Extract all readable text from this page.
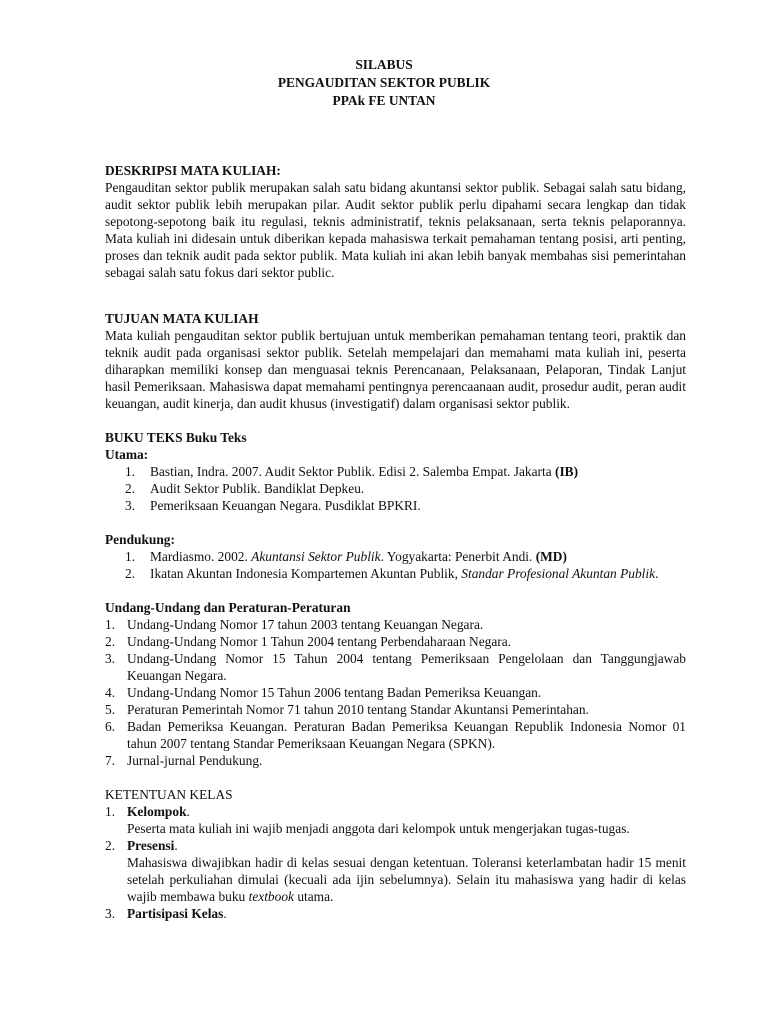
SILABUS
PENGAUDITAN SEKTOR PUBLIK
PPAk FE UNTAN
DESKRIPSI MATA KULIAH:

Pengauditan sektor publik merupakan salah satu bidang akuntansi sektor publik. Sebagai salah satu bidang, audit sektor publik lebih merupakan pilar. Audit sektor publik perlu dipahami secara lengkap dan tidak sepotong-sepotong baik itu regulasi, teknis administratif, teknis pelaksanaan, serta teknis pelaporannya. Mata kuliah ini didesain untuk diberikan kepada mahasiswa terkait pemahaman tentang posisi, arti penting, proses dan teknik audit pada sektor publik. Mata kuliah ini akan lebih banyak membahas sisi pemerintahan sebagai salah satu fokus dari sektor public.

TUJUAN MATA KULIAH

Mata kuliah pengauditan sektor publik bertujuan untuk memberikan pemahaman tentang teori, praktik dan teknik audit pada organisasi sektor publik. Setelah mempelajari dan memahami mata kuliah ini, peserta diharapkan memiliki konsep dan menguasai teknis Perencanaan, Pelaksanaan, Pelaporan, Tindak Lanjut hasil Pemeriksaan. Mahasiswa dapat memahami pentingnya perencaanaan audit, prosedur audit, peran audit keuangan, audit kinerja, dan audit khusus (investigatif) dalam organisasi sektor publik.

BUKU TEKS Buku Teks
Utama:
1. Bastian, Indra. 2007. Audit Sektor Publik. Edisi 2. Salemba Empat. Jakarta (IB)
2. Audit Sektor Publik. Bandiklat Depkeu.
3. Pemeriksaan Keuangan Negara. Pusdiklat BPKRI.
Pendukung:
1. Mardiasmo. 2002. Akuntansi Sektor Publik. Yogyakarta: Penerbit Andi. (MD)
2. Ikatan Akuntan Indonesia Kompartemen Akuntan Publik, Standar Profesional Akuntan Publik.
Undang-Undang dan Peraturan-Peraturan
1. Undang-Undang Nomor 17 tahun 2003 tentang Keuangan Negara.
2. Undang-Undang Nomor 1 Tahun 2004 tentang Perbendaharaan Negara.
3. Undang-Undang Nomor 15 Tahun 2004 tentang Pemeriksaan Pengelolaan dan Tanggungjawab Keuangan Negara.
4. Undang-Undang Nomor 15 Tahun 2006 tentang Badan Pemeriksa Keuangan.
5. Peraturan Pemerintah Nomor 71 tahun 2010 tentang Standar Akuntansi Pemerintahan.
6. Badan Pemeriksa Keuangan. Peraturan Badan Pemeriksa Keuangan Republik Indonesia Nomor 01 tahun 2007 tentang Standar Pemeriksaan Keuangan Negara (SPKN).
7. Jurnal-jurnal Pendukung.
KETENTUAN KELAS
1. Kelompok.
Peserta mata kuliah ini wajib menjadi anggota dari kelompok untuk mengerjakan tugas-tugas.
2. Presensi.
Mahasiswa diwajibkan hadir di kelas sesuai dengan ketentuan. Toleransi keterlambatan hadir 15 menit setelah perkuliahan dimulai (kecuali ada ijin sebelumnya). Selain itu mahasiswa yang hadir di kelas wajib membawa buku textbook utama.
3. Partisipasi Kelas.
